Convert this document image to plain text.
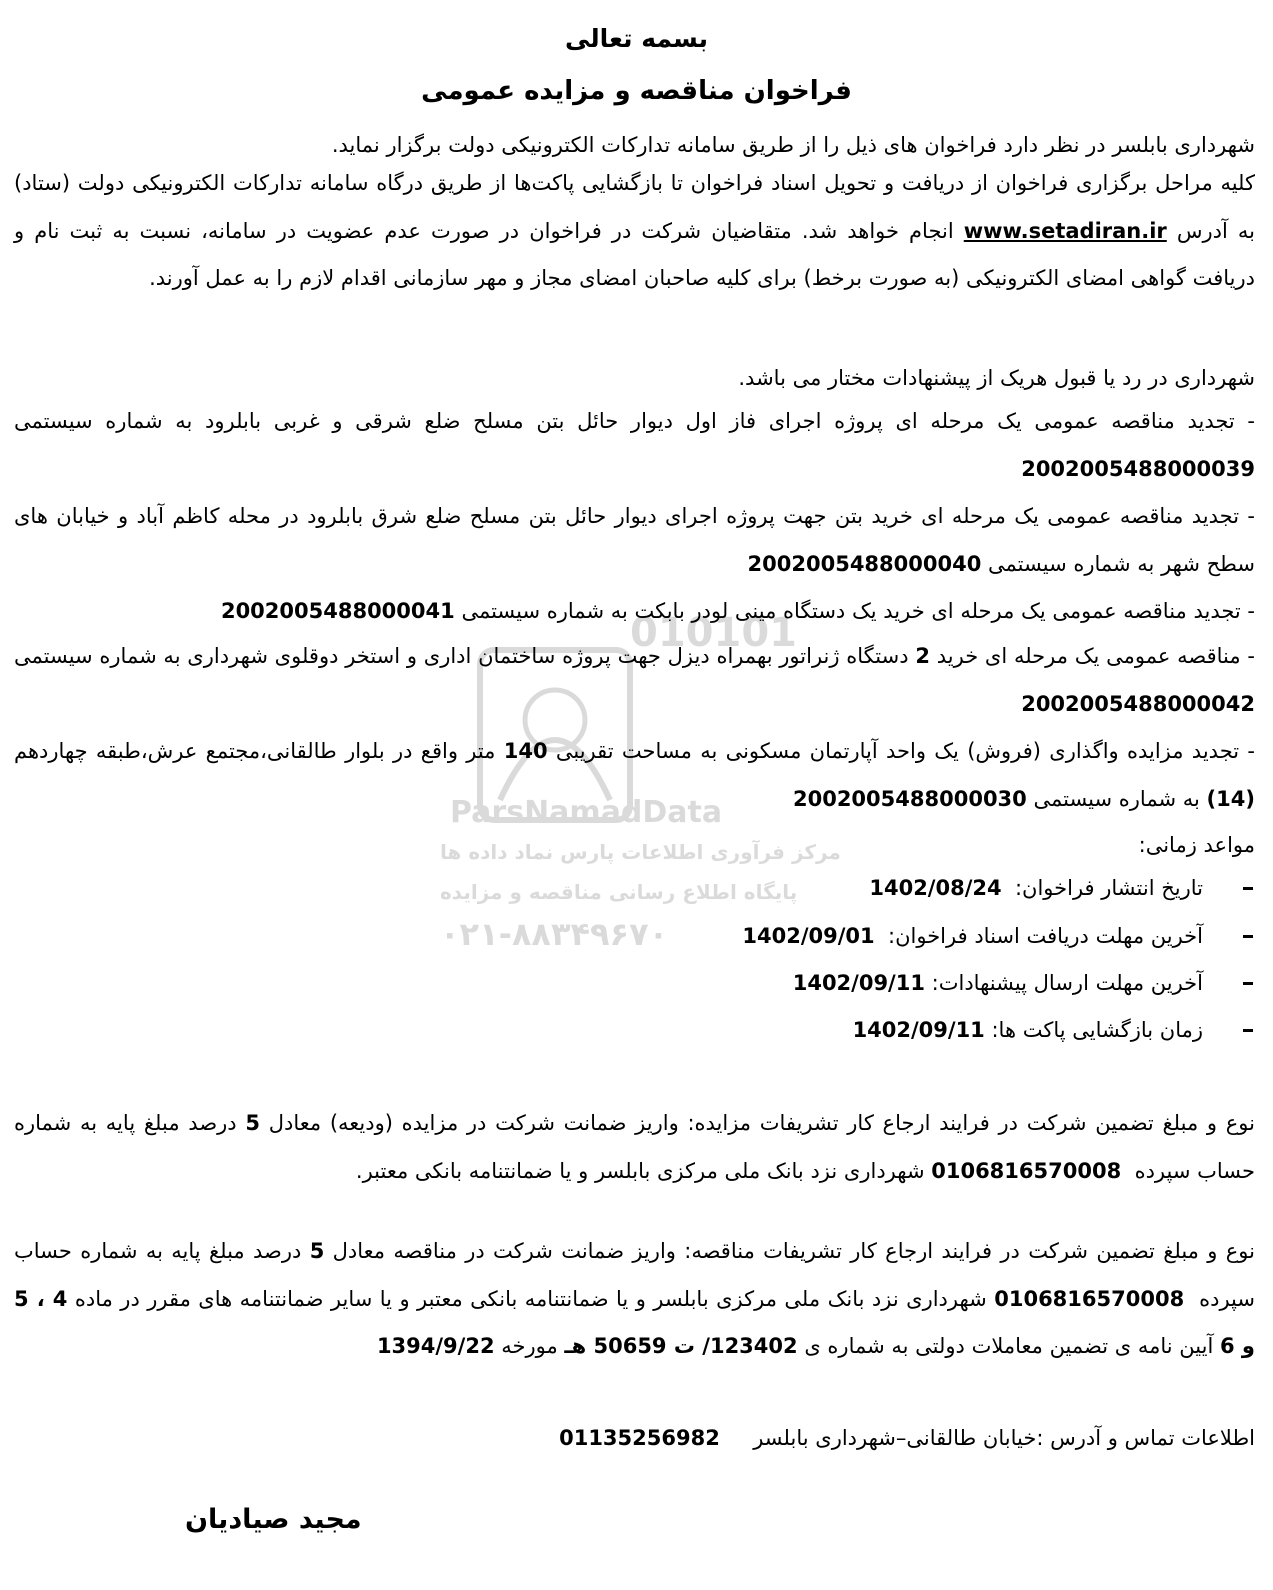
بسمه تعالی
فراخوان مناقصه و مزایده عمومی
010101
ParsNamadData
مرکز فرآوری اطلاعات پارس نماد داده ها
پایگاه اطلاع رسانی مناقصه و مزایده
۰۲۱-۸۸۳۴۹۶۷۰
شهرداری بابلسر در نظر دارد فراخوان های ذیل را از طریق سامانه تدارکات الکترونیکی دولت برگزار نماید.
کلیه مراحل برگزاری فراخوان از دریافت و تحویل اسناد فراخوان تا بازگشایی پاکت‌ها از طریق درگاه سامانه تدارکات الکترونیکی دولت (ستاد) به آدرس www.setadiran.ir انجام خواهد شد. متقاضیان شرکت در فراخوان در صورت عدم عضویت در سامانه، نسبت به ثبت نام و دریافت گواهی امضای الکترونیکی (به صورت برخط) برای کلیه صاحبان امضای مجاز و مهر سازمانی اقدام لازم را به عمل آورند.
شهرداری در رد یا قبول هریک از پیشنهادات مختار می باشد.
- تجدید مناقصه عمومی یک مرحله ای پروژه اجرای فاز اول دیوار حائل بتن مسلح ضلع شرقی و غربی بابلرود به شماره سیستمی 2002005488000039
- تجدید مناقصه عمومی یک مرحله ای خرید بتن جهت پروژه اجرای دیوار حائل بتن مسلح ضلع شرق بابلرود در محله کاظم آباد و خیابان های سطح شهر به شماره سیستمی 2002005488000040
- تجدید مناقصه عمومی یک مرحله ای خرید یک دستگاه مینی لودر بابکت به شماره سیستمی 2002005488000041
- مناقصه عمومی یک مرحله ای خرید 2 دستگاه ژنراتور بهمراه دیزل جهت پروژه ساختمان اداری و استخر دوقلوی شهرداری به شماره سیستمی 2002005488000042
- تجدید مزایده واگذاری (فروش) یک واحد آپارتمان مسکونی به مساحت تقریبی 140 متر واقع در بلوار طالقانی،مجتمع عرش،طبقه چهاردهم (14) به شماره سیستمی 2002005488000030
مواعد زمانی:
تاریخ انتشار فراخوان:

1402/08/24
آخرین مهلت دریافت اسناد فراخوان:

1402/09/01
آخرین مهلت ارسال پیشنهادات:

1402/09/11
زمان بازگشایی پاکت ها:

1402/09/11
نوع و مبلغ تضمین شرکت در فرایند ارجاع کار تشریفات مزایده: واریز ضمانت شرکت در مزایده (ودیعه) معادل 5 درصد مبلغ پایه به شماره حساب سپرده  0106816570008 شهرداری نزد بانک ملی مرکزی بابلسر و یا ضمانتنامه بانکی معتبر.
نوع و مبلغ تضمین شرکت در فرایند ارجاع کار تشریفات مناقصه: واریز ضمانت شرکت در مناقصه معادل 5 درصد مبلغ پایه به شماره حساب سپرده  0106816570008 شهرداری نزد بانک ملی مرکزی بابلسر و یا ضمانتنامه بانکی معتبر و یا سایر ضمانتنامه های مقرر در ماده 4 ، 5 و 6 آیین نامه ی تضمین معاملات دولتی به شماره ی 123402/ ت 50659 هـ مورخه 1394/9/22
اطلاعات تماس و آدرس :خیابان طالقانی–شهرداری بابلسر     01135256982
مجید صیادیان
